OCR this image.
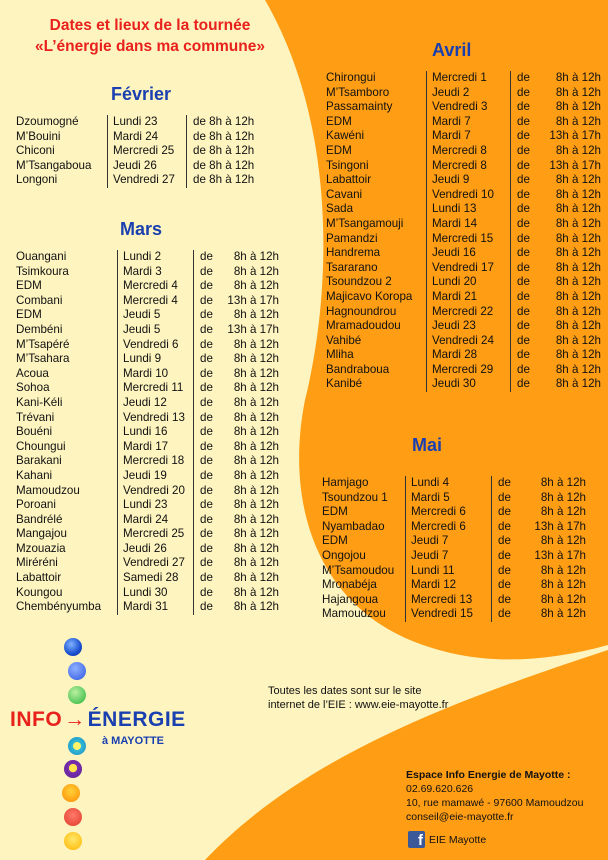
Dates et lieux de la tournée
«L’énergie dans ma commune»
Février
Dzoumogné	Lundi 23	de 8h à 12h
M’Bouini	Mardi 24	de 8h à 12h
Chiconi	Mercredi 25	de 8h à 12h
M’Tsangaboua	Jeudi 26	de 8h à 12h
Longoni	Vendredi 27	de 8h à 12h
Mars
Ouangani	Lundi 2	de	8h à 12h
Tsimkoura	Mardi 3	de	8h à 12h
EDM	Mercredi 4	de	8h à 12h
Combani	Mercredi 4	de	13h à 17h
EDM	Jeudi 5	de	8h à 12h
Dembéni	Jeudi 5	de	13h à 17h
M’Tsapéré	Vendredi 6	de	8h à 12h
M’Tsahara	Lundi 9	de	8h à 12h
Acoua	Mardi 10	de	8h à 12h
Sohoa	Mercredi 11	de	8h à 12h
Kani-Kéli	Jeudi 12	de	8h à 12h
Trévani	Vendredi 13	de	8h à 12h
Bouéni	Lundi 16	de	8h à 12h
Choungui	Mardi 17	de	8h à 12h
Barakani	Mercredi 18	de	8h à 12h
Kahani	Jeudi 19	de	8h à 12h
Mamoudzou	Vendredi 20	de	8h à 12h
Poroani	Lundi 23	de	8h à 12h
Bandrélé	Mardi 24	de	8h à 12h
Mangajou	Mercredi 25	de	8h à 12h
Mzouazia	Jeudi 26	de	8h à 12h
Miréréni	Vendredi 27	de	8h à 12h
Labattoir	Samedi 28	de	8h à 12h
Koungou	Lundi 30	de	8h à 12h
Chembényumba	Mardi 31	de	8h à 12h
Avril
Chirongui	Mercredi 1	de	8h à 12h
M’Tsamboro	Jeudi 2	de	8h à 12h
Passamainty	Vendredi 3	de	8h à 12h
EDM	Mardi 7	de	8h à 12h
Kawéni	Mardi 7	de	13h à 17h
EDM	Mercredi 8	de	8h à 12h
Tsingoni	Mercredi 8	de	13h à 17h
Labattoir	Jeudi 9	de	8h à 12h
Cavani	Vendredi 10	de	8h à 12h
Sada	Lundi 13	de	8h à 12h
M’Tsangamouji	Mardi 14	de	8h à 12h
Pamandzi	Mercredi 15	de	8h à 12h
Handrema	Jeudi 16	de	8h à 12h
Tsararano	Vendredi 17	de	8h à 12h
Tsoundzou 2	Lundi 20	de	8h à 12h
Majicavo Koropa	Mardi 21	de	8h à 12h
Hagnoundrou	Mercredi 22	de	8h à 12h
Mramadoudou	Jeudi 23	de	8h à 12h
Vahibé	Vendredi 24	de	8h à 12h
Mliha	Mardi 28	de	8h à 12h
Bandraboua	Mercredi 29	de	8h à 12h
Kanibé	Jeudi 30	de	8h à 12h
Mai
Hamjago	Lundi 4	de	8h à 12h
Tsoundzou 1	Mardi 5	de	8h à 12h
EDM	Mercredi 6	de	8h à 12h
Nyambadao	Mercredi 6	de	13h à 17h
EDM	Jeudi 7	de	8h à 12h
Ongojou	Jeudi 7	de	13h à 17h
M’Tsamoudou	Lundi 11	de	8h à 12h
Mronabéja	Mardi 12	de	8h à 12h
Hajangoua	Mercredi 13	de	8h à 12h
Mamoudzou	Vendredi 15	de	8h à 12h
Toutes les dates sont sur le site
internet de l’EIE : www.eie-mayotte.fr
INFO→ÉNERGIE
à MAYOTTE
Espace Info Energie de Mayotte :
02.69.620.626
10, rue mamawé - 97600 Mamoudzou
conseil@eie-mayotte.fr
f EIE Mayotte
